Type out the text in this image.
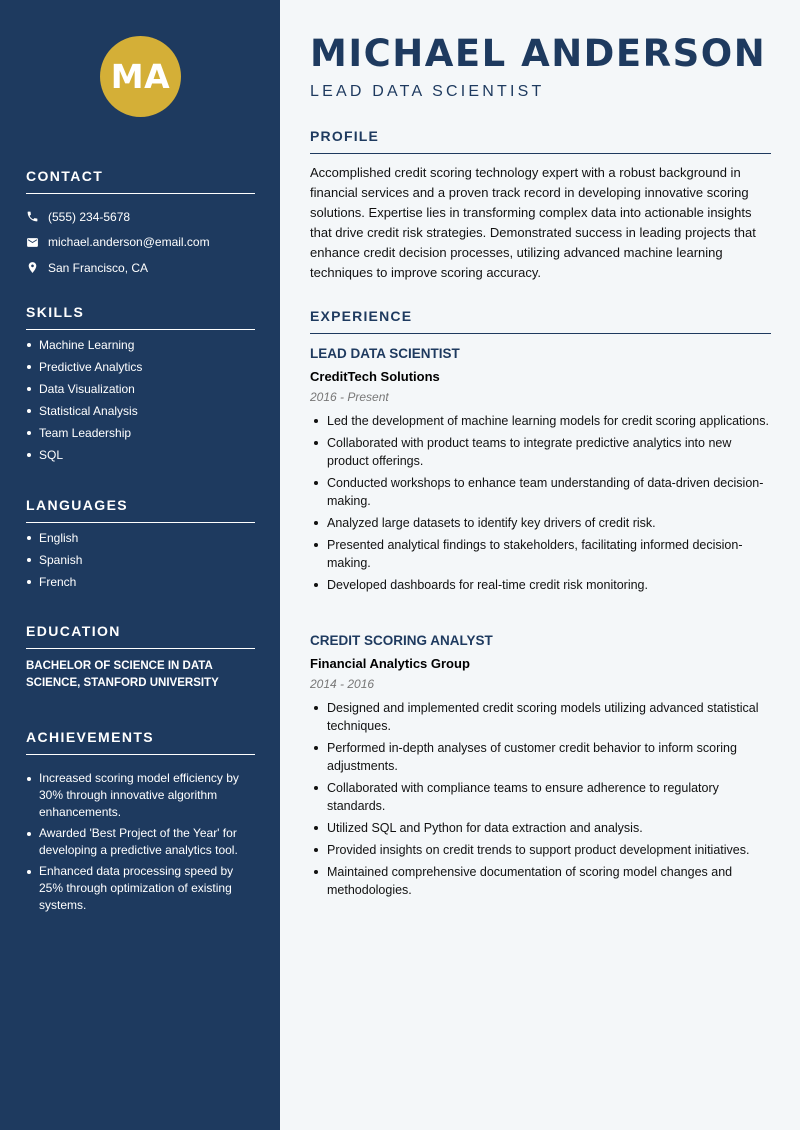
MA
CONTACT
(555) 234-5678
michael.anderson@email.com
San Francisco, CA
SKILLS
Machine Learning
Predictive Analytics
Data Visualization
Statistical Analysis
Team Leadership
SQL
LANGUAGES
English
Spanish
French
EDUCATION

BACHELOR OF SCIENCE IN DATA SCIENCE, STANFORD UNIVERSITY

ACHIEVEMENTS
Increased scoring model efficiency by 30% through innovative algorithm enhancements.
Awarded 'Best Project of the Year' for developing a predictive analytics tool.
Enhanced data processing speed by 25% through optimization of existing systems.
MICHAEL ANDERSON
LEAD DATA SCIENTIST
PROFILE

Accomplished credit scoring technology expert with a robust background in financial services and a proven track record in developing innovative scoring solutions. Expertise lies in transforming complex data into actionable insights that drive credit risk strategies. Demonstrated success in leading projects that enhance credit decision processes, utilizing advanced machine learning techniques to improve scoring accuracy.

EXPERIENCE
LEAD DATA SCIENTIST
CreditTech Solutions
2016 - Present
Led the development of machine learning models for credit scoring applications.
Collaborated with product teams to integrate predictive analytics into new product offerings.
Conducted workshops to enhance team understanding of data-driven decision-making.
Analyzed large datasets to identify key drivers of credit risk.
Presented analytical findings to stakeholders, facilitating informed decision-making.
Developed dashboards for real-time credit risk monitoring.
CREDIT SCORING ANALYST
Financial Analytics Group
2014 - 2016
Designed and implemented credit scoring models utilizing advanced statistical techniques.
Performed in-depth analyses of customer credit behavior to inform scoring adjustments.
Collaborated with compliance teams to ensure adherence to regulatory standards.
Utilized SQL and Python for data extraction and analysis.
Provided insights on credit trends to support product development initiatives.
Maintained comprehensive documentation of scoring model changes and methodologies.
